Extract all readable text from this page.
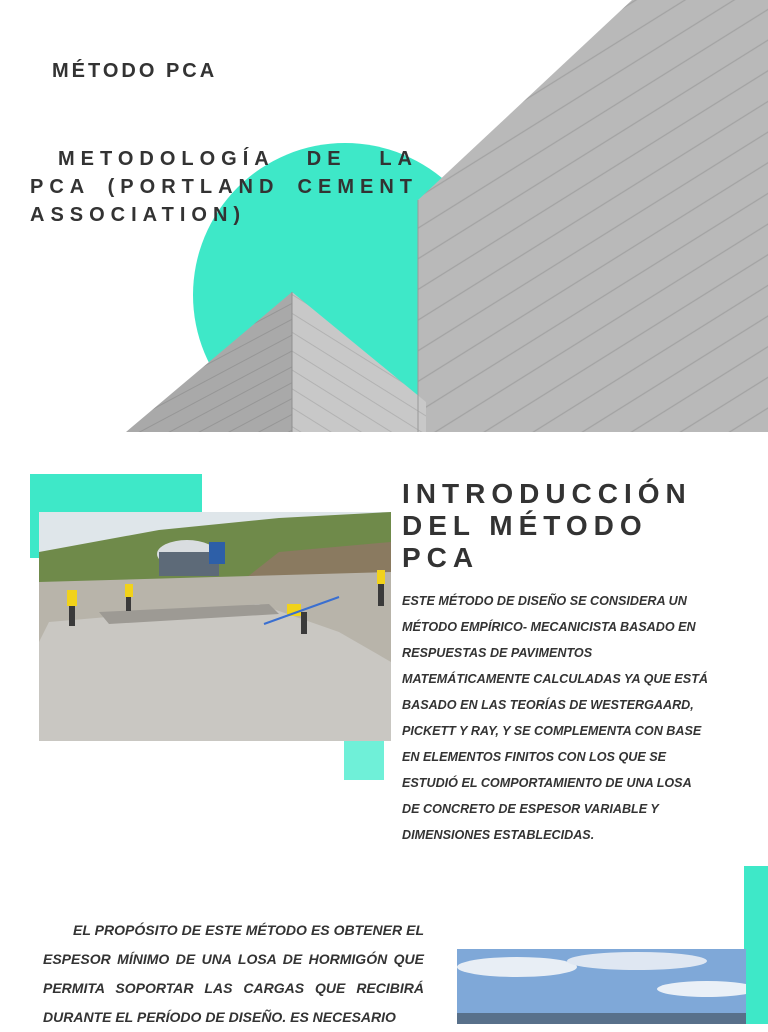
MÉTODO PCA
METODOLOGÍA DE LA PCA (PORTLAND CEMENT ASSOCIATION)
INTRODUCCIÓN
DEL MÉTODO
PCA

ESTE MÉTODO DE DISEÑO SE CONSIDERA UN MÉTODO EMPÍRICO- MECANICISTA BASADO EN RESPUESTAS DE PAVIMENTOS MATEMÁTICAMENTE CALCULADAS YA QUE ESTÁ BASADO EN LAS TEORÍAS DE WESTERGAARD, PICKETT Y RAY, Y SE COMPLEMENTA CON BASE EN ELEMENTOS FINITOS CON LOS QUE SE ESTUDIÓ EL COMPORTAMIENTO DE UNA LOSA DE CONCRETO DE ESPESOR VARIABLE Y DIMENSIONES ESTABLECIDAS.

EL PROPÓSITO DE ESTE MÉTODO ES OBTENER EL ESPESOR MÍNIMO DE UNA LOSA DE HORMIGÓN QUE PERMITA SOPORTAR LAS CARGAS QUE RECIBIRÁ DURANTE EL PERÍODO DE DISEÑO. ES NECESARIO
